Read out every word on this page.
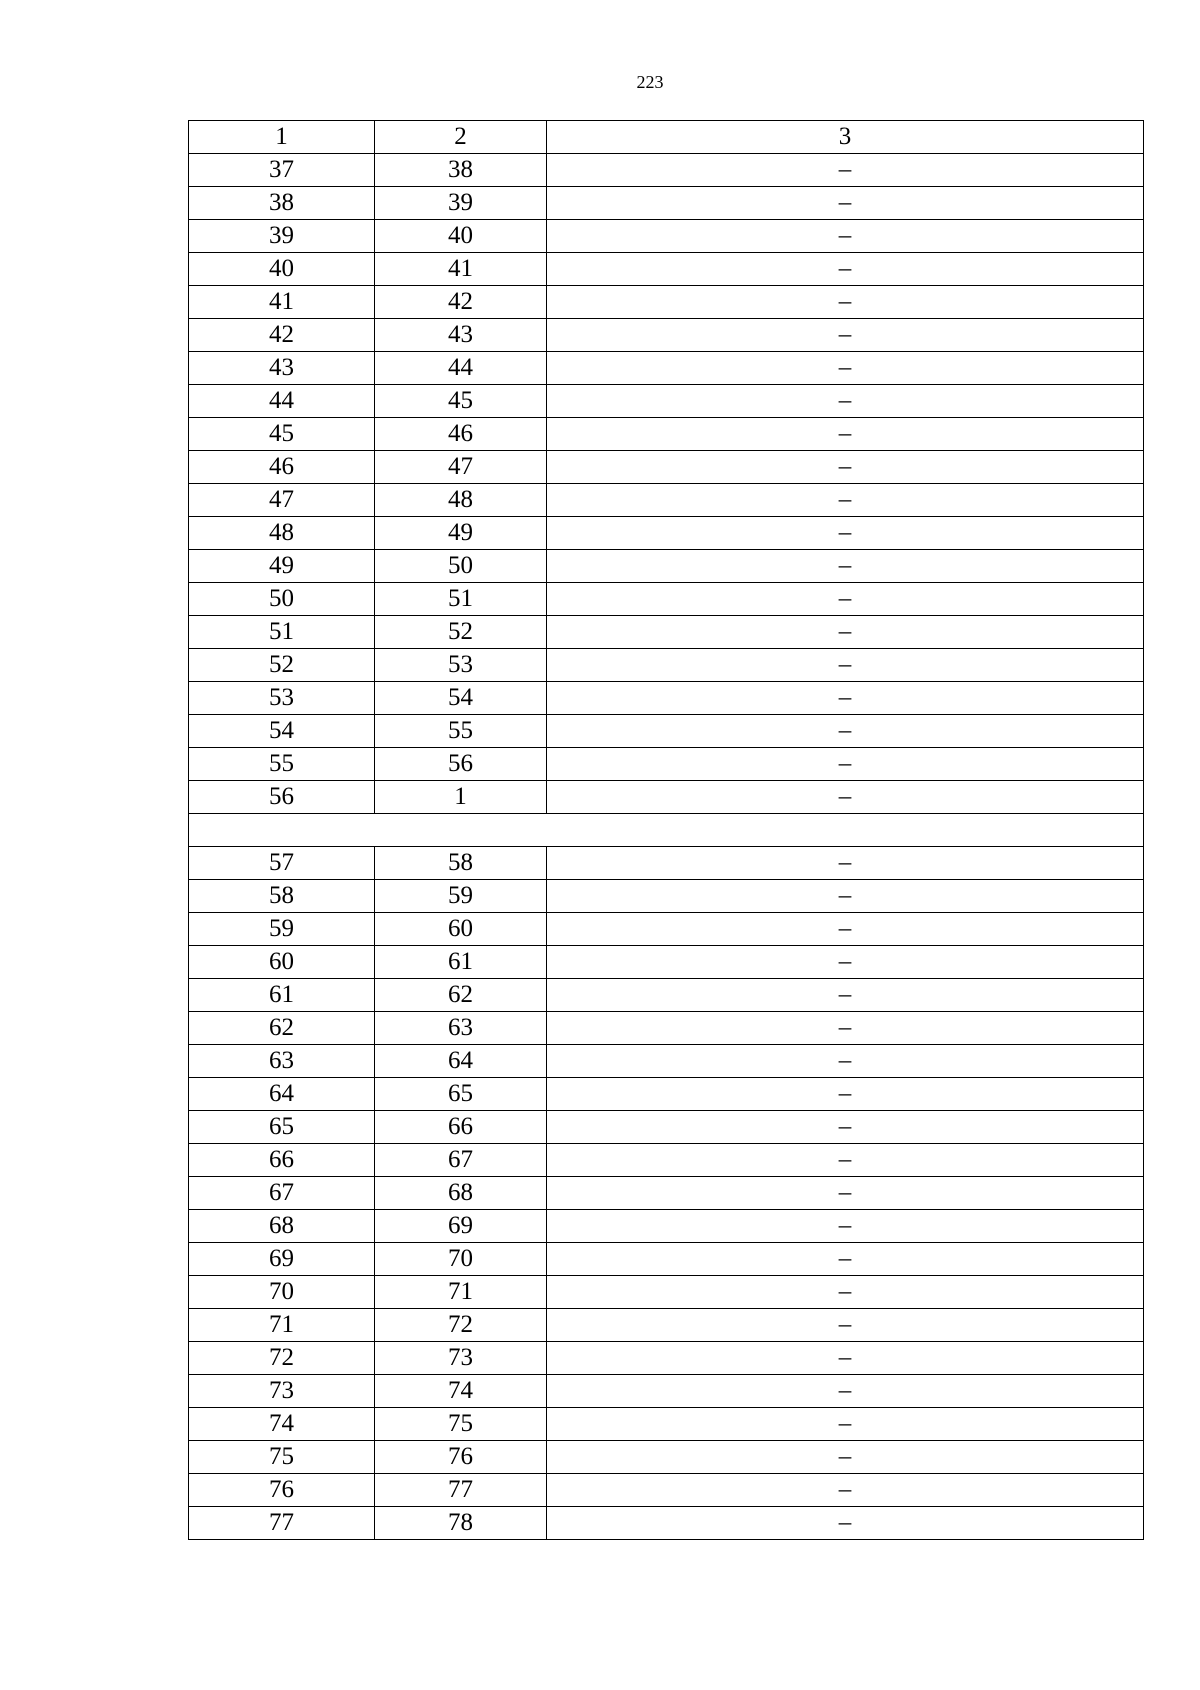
223
1	2	3
37	38	–
38	39	–
39	40	–
40	41	–
41	42	–
42	43	–
43	44	–
44	45	–
45	46	–
46	47	–
47	48	–
48	49	–
49	50	–
50	51	–
51	52	–
52	53	–
53	54	–
54	55	–
55	56	–
56	1	–

57	58	–
58	59	–
59	60	–
60	61	–
61	62	–
62	63	–
63	64	–
64	65	–
65	66	–
66	67	–
67	68	–
68	69	–
69	70	–
70	71	–
71	72	–
72	73	–
73	74	–
74	75	–
75	76	–
76	77	–
77	78	–
